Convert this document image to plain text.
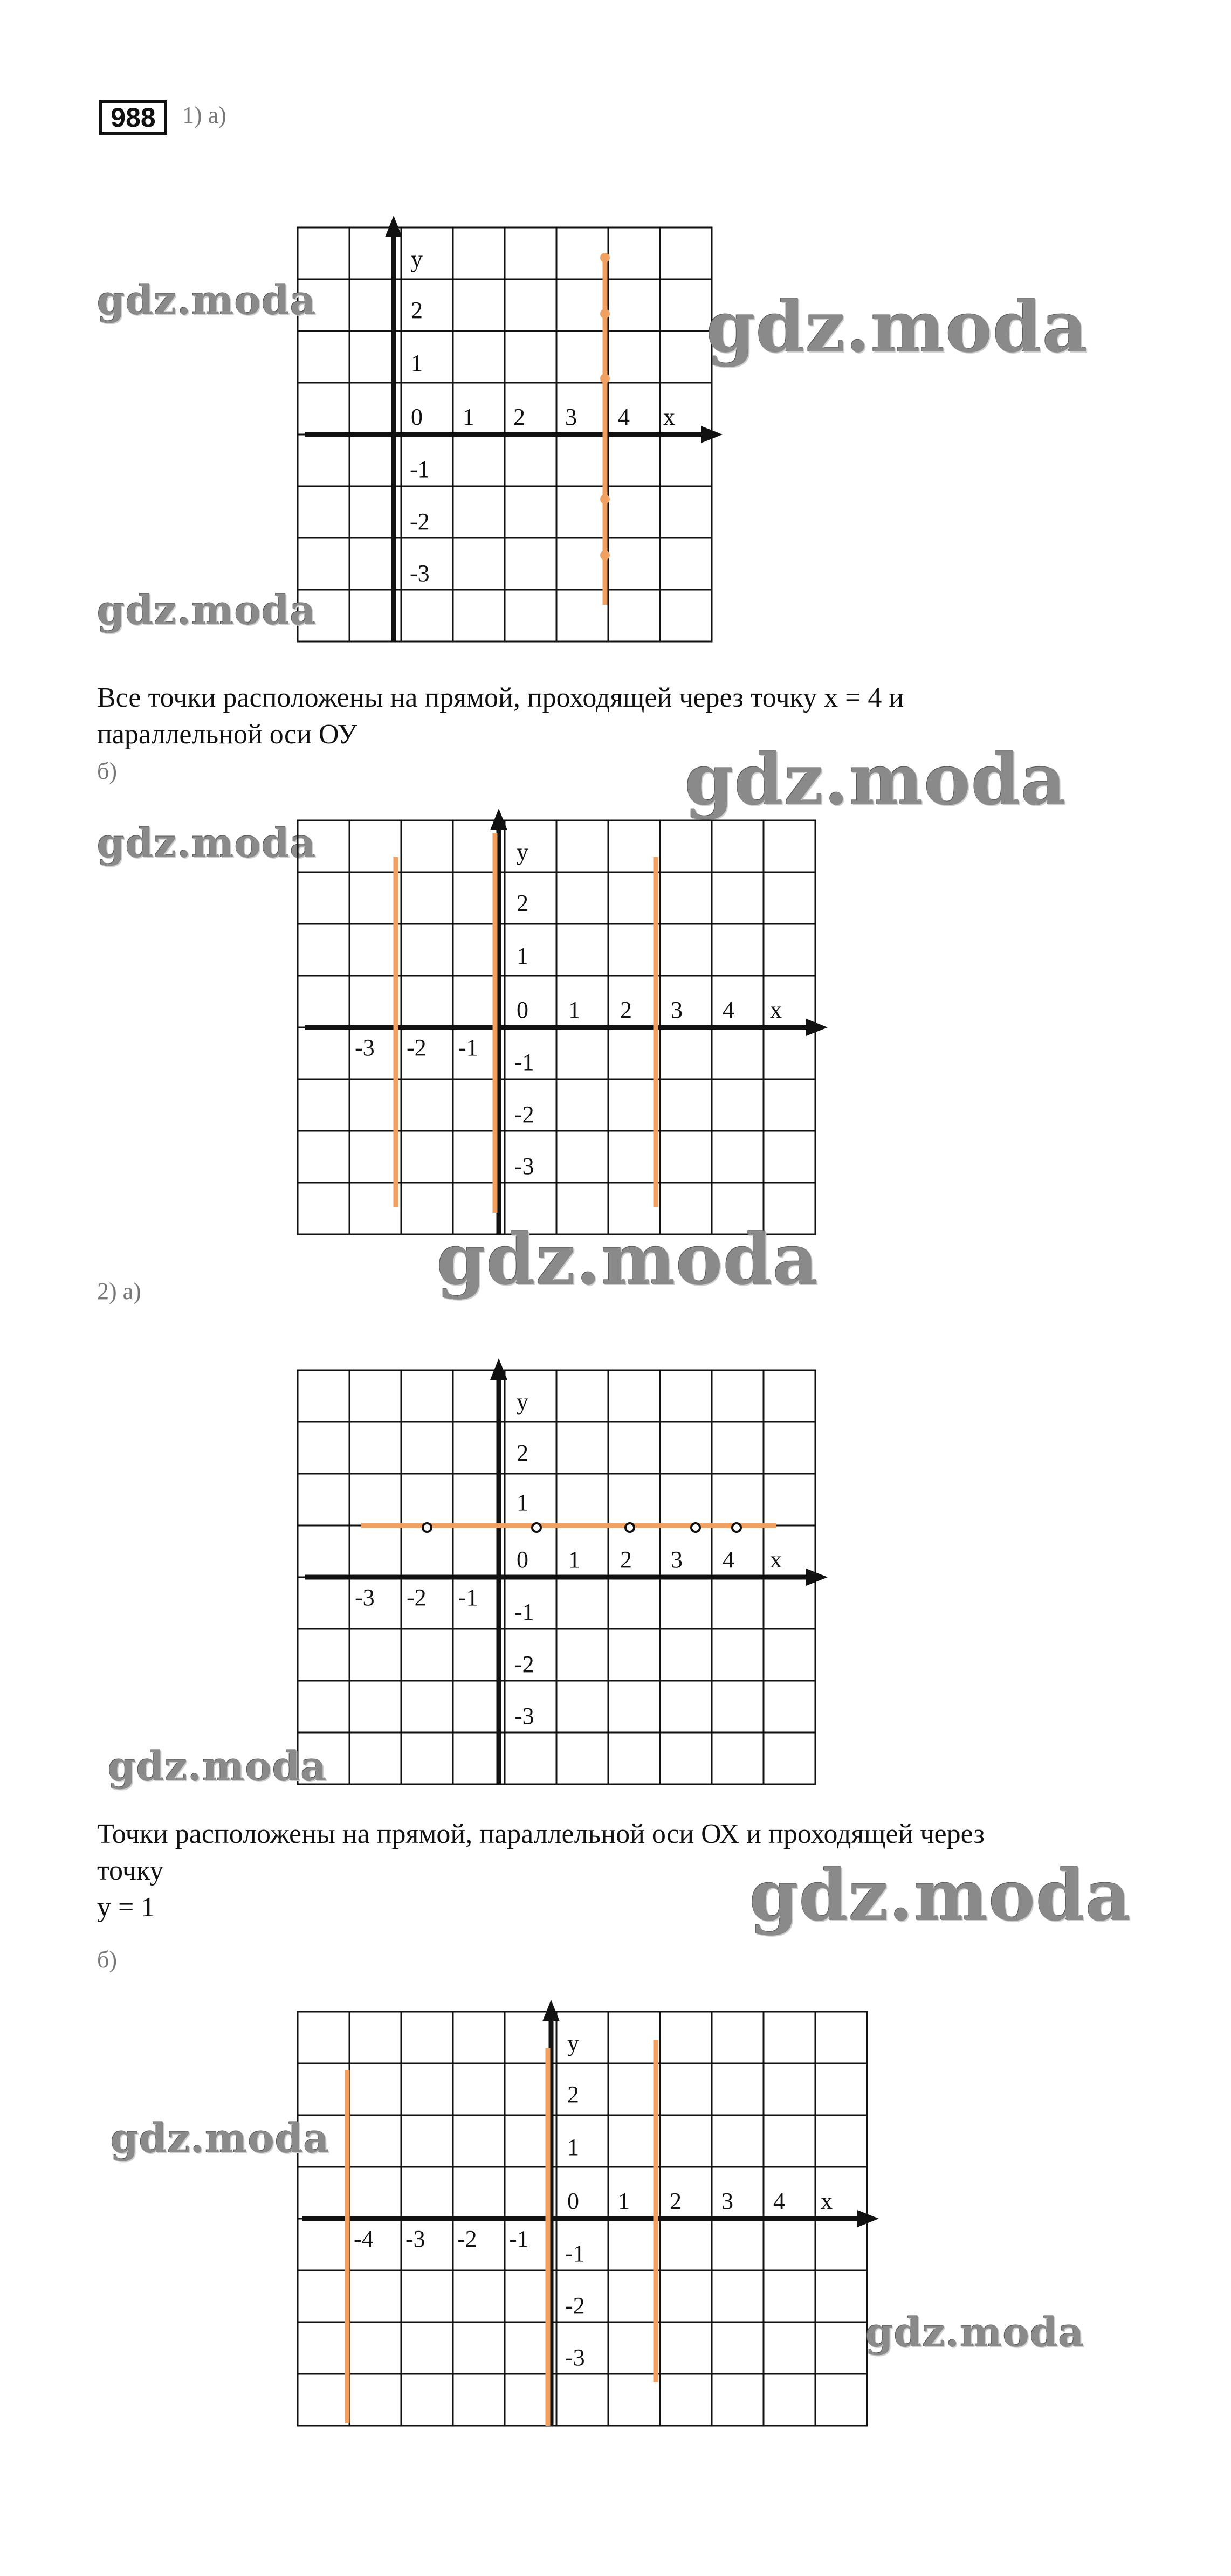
988	1) а)
y
x
0 1 2 3 4
2
1
-1
-2
-3
gdz.moda	gdz.moda
gdz.moda
Все точки расположены на прямой, проходящей через точку x = 4 и
параллельной оси ОУ
б)	gdz.moda
gdz.moda	y
x
-3 -2 -1
0 1 2 3 4
2
1
-1
-2
-3
gdz.moda
2) а)
y
x
-3 -2 -1
0 1 2 3 4
2
1
-1
-2
-3
gdz.moda
Точки расположены на прямой, параллельной оси ОХ и проходящей через
точку
y = 1	gdz.moda
б)
y
x
-4 -3 -2 -1
0 1 2 3 4
2
1
-1
-2
-3
gdz.moda
gdz.moda
